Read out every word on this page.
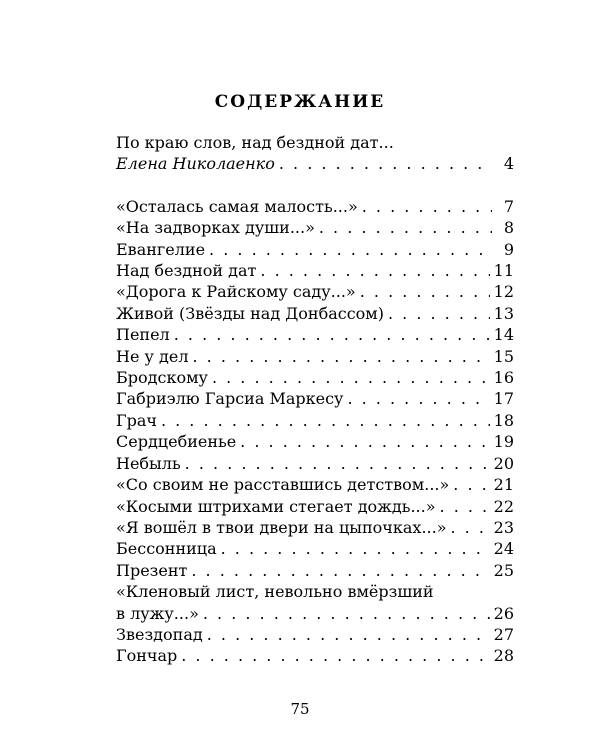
СОДЕРЖАНИЕ
По краю слов, над бездной дат...
Елена Николаенко . . .	4
«Осталась самая малость...» . . .	7
«На задворках души...» . . .	8
Евангелие . . .	9
Над бездной дат . . .	11
«Дорога к Райскому саду...» . . .	12
Живой (Звёзды над Донбассом) . . .	13
Пепел . . .	14
Не у дел . . .	15
Бродскому . . .	16
Габриэлю Гарсиа Маркесу . . .	17
Грач . . .	18
Сердцебиенье . . .	19
Небыль . . .	20
«Со своим не расставшись детством...» . . .	21
«Косыми штрихами стегает дождь...» . . .	22
«Я вошёл в твои двери на цыпочках...» . . .	23
Бессонница . . .	24
Презент . . .	25
«Кленовый лист, невольно вмёрзший
в лужу...» . . .	26
Звездопад . . .	27
Гончар . . .	28
75
